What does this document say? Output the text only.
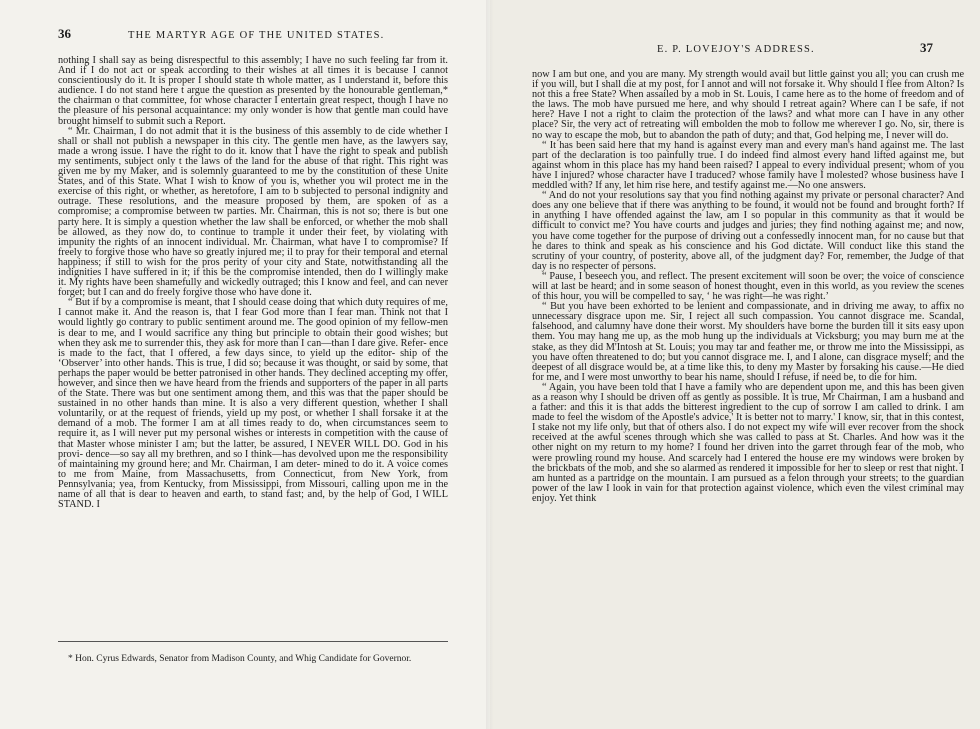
36	THE MARTYR AGE OF THE UNITED STATES.

nothing I shall say as being disrespectful to this assembly; I have no such feeling far from it. And if I do not act or speak according to their wishes at all times it is because I cannot conscientiously do it. It is proper I should state th whole matter, as I understand it, before this audience. I do not stand here t argue the question as presented by the honourable gentleman,* the chairman o that committee, for whose character I entertain great respect, though I have no the pleasure of his personal acquaintance: my only wonder is how that gentle man could have brought himself to submit such a Report.

“ Mr. Chairman, I do not admit that it is the business of this assembly to de cide whether I shall or shall not publish a newspaper in this city. The gentle men have, as the lawyers say, made a wrong issue. I have the right to do it. know that I have the right to speak and publish my sentiments, subject only t the laws of the land for the abuse of that right. This right was given me by my Maker, and is solemnly guaranteed to me by the constitution of these Unite States, and of this State. What I wish to know of you is, whether you wil protect me in the exercise of this right, or whether, as heretofore, I am to b subjected to personal indignity and outrage. These resolutions, and the measure proposed by them, are spoken of as a compromise; a compromise between tw parties. Mr. Chairman, this is not so; there is but one party here. It is simply a question whether the law shall be enforced, or whether the mob shall be allowed, as they now do, to continue to trample it under their feet, by violating with impunity the rights of an innocent individual. Mr. Chairman, what have I to compromise? If freely to forgive those who have so greatly injured me; il to pray for their temporal and eternal happiness; if still to wish for the pros perity of your city and State, notwithstanding all the indignities I have suffered in it; if this be the compromise intended, then do I willingly make it. My rights have been shamefully and wickedly outraged; this I know and feel, and can never forget; but I can and do freely forgive those who have done it.

“ But if by a compromise is meant, that I should cease doing that which duty requires of me, I cannot make it. And the reason is, that I fear God more than I fear man. Think not that I would lightly go contrary to public sentiment around me. The good opinion of my fellow-men is dear to me, and I would sacrifice any thing but principle to obtain their good wishes; but when they ask me to surrender this, they ask for more than I can—than I dare give. Refer- ence is made to the fact, that I offered, a few days since, to yield up the editor- ship of the ‘Observer’ into other hands. This is true, I did so; because it was thought, or said by some, that perhaps the paper would be better patronised in other hands. They declined accepting my offer, however, and since then we have heard from the friends and supporters of the paper in all parts of the State. There was but one sentiment among them, and this was that the paper should be sustained in no other hands than mine. It is also a very different question, whether I shall voluntarily, or at the request of friends, yield up my post, or whether I shall forsake it at the demand of a mob. The former I am at all times ready to do, when circumstances seem to require it, as I will never put my personal wishes or interests in competition with the cause of that Master whose minister I am; but the latter, be assured, I NEVER WILL DO. God in his provi- dence—so say all my brethren, and so I think—has devolved upon me the responsibility of maintaining my ground here; and Mr. Chairman, I am deter- mined to do it. A voice comes to me from Maine, from Massachusetts, from Connecticut, from New York, from Pennsylvania; yea, from Kentucky, from Mississippi, from Missouri, calling upon me in the name of all that is dear to heaven and earth, to stand fast; and, by the help of God, I WILL STAND. I

* Hon. Cyrus Edwards, Senator from Madison County, and Whig Candidate for Governor.
E. P. LOVEJOY'S ADDRESS.	37

now I am but one, and you are many. My strength would avail but little gainst you all; you can crush me if you will, but I shall die at my post, for I annot and will not forsake it. Why should I flee from Alton? Is not this a free State? When assailed by a mob in St. Louis, I came here as to the home of freedom and of the laws. The mob have pursued me here, and why should I retreat again? Where can I be safe, if not here? Have I not a right to claim the protection of the laws? and what more can I have in any other place? Sir, the very act of retreating will embolden the mob to follow me wherever I go. No, sir, there is no way to escape the mob, but to abandon the path of duty; and that, God helping me, I never will do.

“ It has been said here that my hand is against every man and every man's hand against me. The last part of the declaration is too painfully true. I do indeed find almost every hand lifted against me, but against whom in this place has my hand been raised? I appeal to every individual present; whom of you have I injured? whose character have I traduced? whose family have I molested? whose business have I meddled with? If any, let him rise here, and testify against me.—No one answers.

“ And do not your resolutions say that you find nothing against my private or personal character? And does any one believe that if there was anything to be found, it would not be found and brought forth? If in anything I have offended against the law, am I so popular in this community as that it would be difficult to convict me? You have courts and judges and juries; they find nothing against me; and now, you have come together for the purpose of driving out a confessedly innocent man, for no cause but that he dares to think and speak as his conscience and his God dictate. Will conduct like this stand the scrutiny of your country, of posterity, above all, of the judgment day? For, remember, the Judge of that day is no respecter of persons.

“ Pause, I beseech you, and reflect. The present excitement will soon be over; the voice of conscience will at last be heard; and in some season of honest thought, even in this world, as you review the scenes of this hour, you will be compelled to say, ‘ he was right—he was right.’

“ But you have been exhorted to be lenient and compassionate, and in driving me away, to affix no unnecessary disgrace upon me. Sir, I reject all such compassion. You cannot disgrace me. Scandal, falsehood, and calumny have done their worst. My shoulders have borne the burden till it sits easy upon them. You may hang me up, as the mob hung up the individuals at Vicksburg; you may burn me at the stake, as they did M'Intosh at St. Louis; you may tar and feather me, or throw me into the Mississippi, as you have often threatened to do; but you cannot disgrace me. I, and I alone, can disgrace myself; and the deepest of all disgrace would be, at a time like this, to deny my Master by forsaking his cause.—He died for me, and I were most unworthy to bear his name, should I refuse, if need be, to die for him.

“ Again, you have been told that I have a family who are dependent upon me, and this has been given as a reason why I should be driven off as gently as possible. It is true, Mr Chairman, I am a husband and a father: and this it is that adds the bitterest ingredient to the cup of sorrow I am called to drink. I am made to feel the wisdom of the Apostle's advice,' It is better not to marry.' I know, sir, that in this contest, I stake not my life only, but that of others also. I do not expect my wife will ever recover from the shock received at the awful scenes through which she was called to pass at St. Charles. And how was it the other night on my return to my home? I found her driven into the garret through fear of the mob, who were prowling round my house. And scarcely had I entered the house ere my windows were broken by the brickbats of the mob, and she so alarmed as rendered it impossible for her to sleep or rest that night. I am hunted as a partridge on the mountain. I am pursued as a felon through your streets; to the guardian power of the law I look in vain for that protection against violence, which even the vilest criminal may enjoy. Yet think
